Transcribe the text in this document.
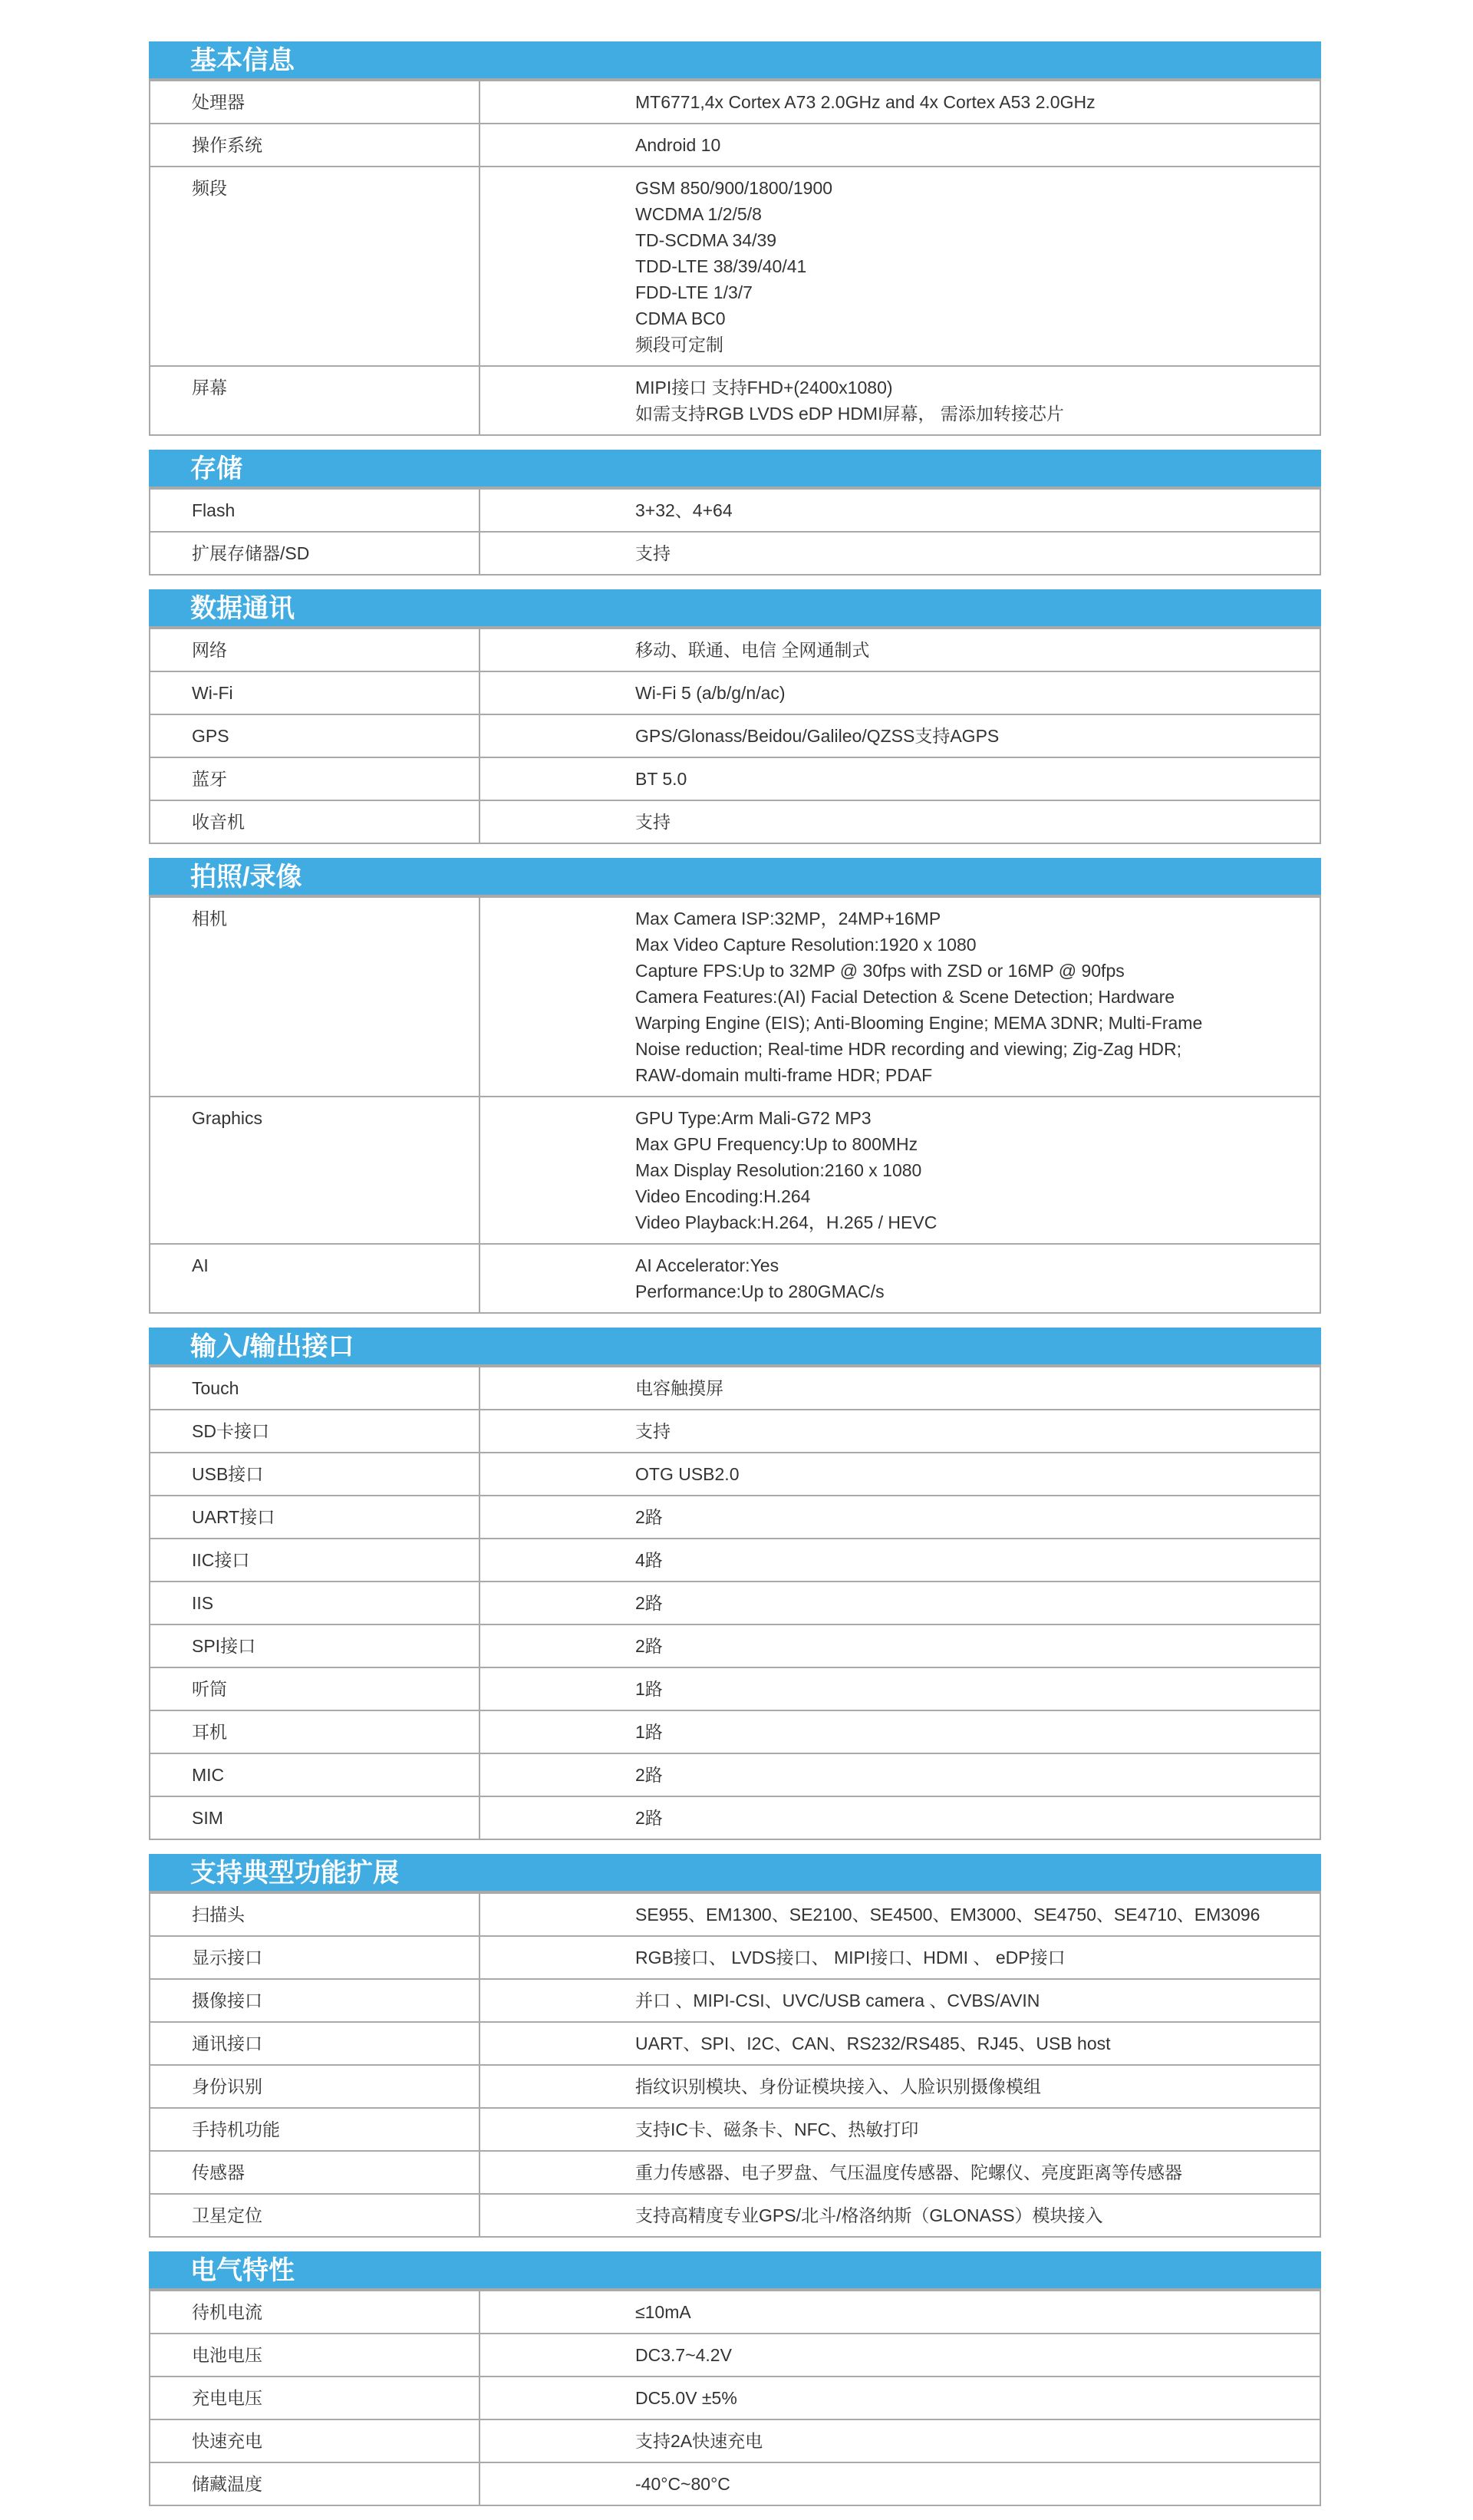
基本信息
处理器	MT6771,4x Cortex A73 2.0GHz and 4x Cortex A53 2.0GHz
操作系统	Android 10
频段	GSM 850/900/1800/1900
WCDMA 1/2/5/8
TD-SCDMA 34/39
TDD-LTE 38/39/40/41
FDD-LTE 1/3/7
CDMA BC0
频段可定制
屏幕	MIPI接口 支持FHD+(2400x1080)
如需支持RGB LVDS eDP HDMI屏幕， 需添加转接芯片
存储
Flash	3+32、4+64
扩展存储器/SD	支持
数据通讯
网络	移动、联通、电信 全网通制式
Wi-Fi	Wi-Fi 5 (a/b/g/n/ac)
GPS	GPS/Glonass/Beidou/Galileo/QZSS支持AGPS
蓝牙	BT 5.0
收音机	支持
拍照/录像
相机	Max Camera ISP:32MP，24MP+16MP
Max Video Capture Resolution:1920 x 1080
Capture FPS:Up to 32MP @ 30fps with ZSD or 16MP @ 90fps
Camera Features:(AI) Facial Detection & Scene Detection; Hardware
Warping Engine (EIS); Anti-Blooming Engine; MEMA 3DNR; Multi-Frame
Noise reduction; Real-time HDR recording and viewing; Zig-Zag HDR;
RAW-domain multi-frame HDR; PDAF
Graphics	GPU Type:Arm Mali-G72 MP3
Max GPU Frequency:Up to 800MHz
Max Display Resolution:2160 x 1080
Video Encoding:H.264
Video Playback:H.264，H.265 / HEVC
AI	AI Accelerator:Yes
Performance:Up to 280GMAC/s
输入/输出接口
Touch	电容触摸屏
SD卡接口	支持
USB接口	OTG USB2.0
UART接口	2路
IIC接口	4路
IIS	2路
SPI接口	2路
听筒	1路
耳机	1路
MIC	2路
SIM	2路
支持典型功能扩展
扫描头	SE955、EM1300、SE2100、SE4500、EM3000、SE4750、SE4710、EM3096
显示接口	RGB接口、 LVDS接口、 MIPI接口、HDMI 、 eDP接口
摄像接口	并口 、MIPI-CSI、UVC/USB camera 、CVBS/AVIN
通讯接口	UART、SPI、I2C、CAN、RS232/RS485、RJ45、USB host
身份识别	指纹识别模块、身份证模块接入、人脸识别摄像模组
手持机功能	支持IC卡、磁条卡、NFC、热敏打印
传感器	重力传感器、电子罗盘、气压温度传感器、陀螺仪、亮度距离等传感器
卫星定位	支持高精度专业GPS/北斗/格洛纳斯（GLONASS）模块接入
电气特性
待机电流	≤10mA
电池电压	DC3.7~4.2V
充电电压	DC5.0V ±5%
快速充电	支持2A快速充电
储藏温度	-40°C~80°C
